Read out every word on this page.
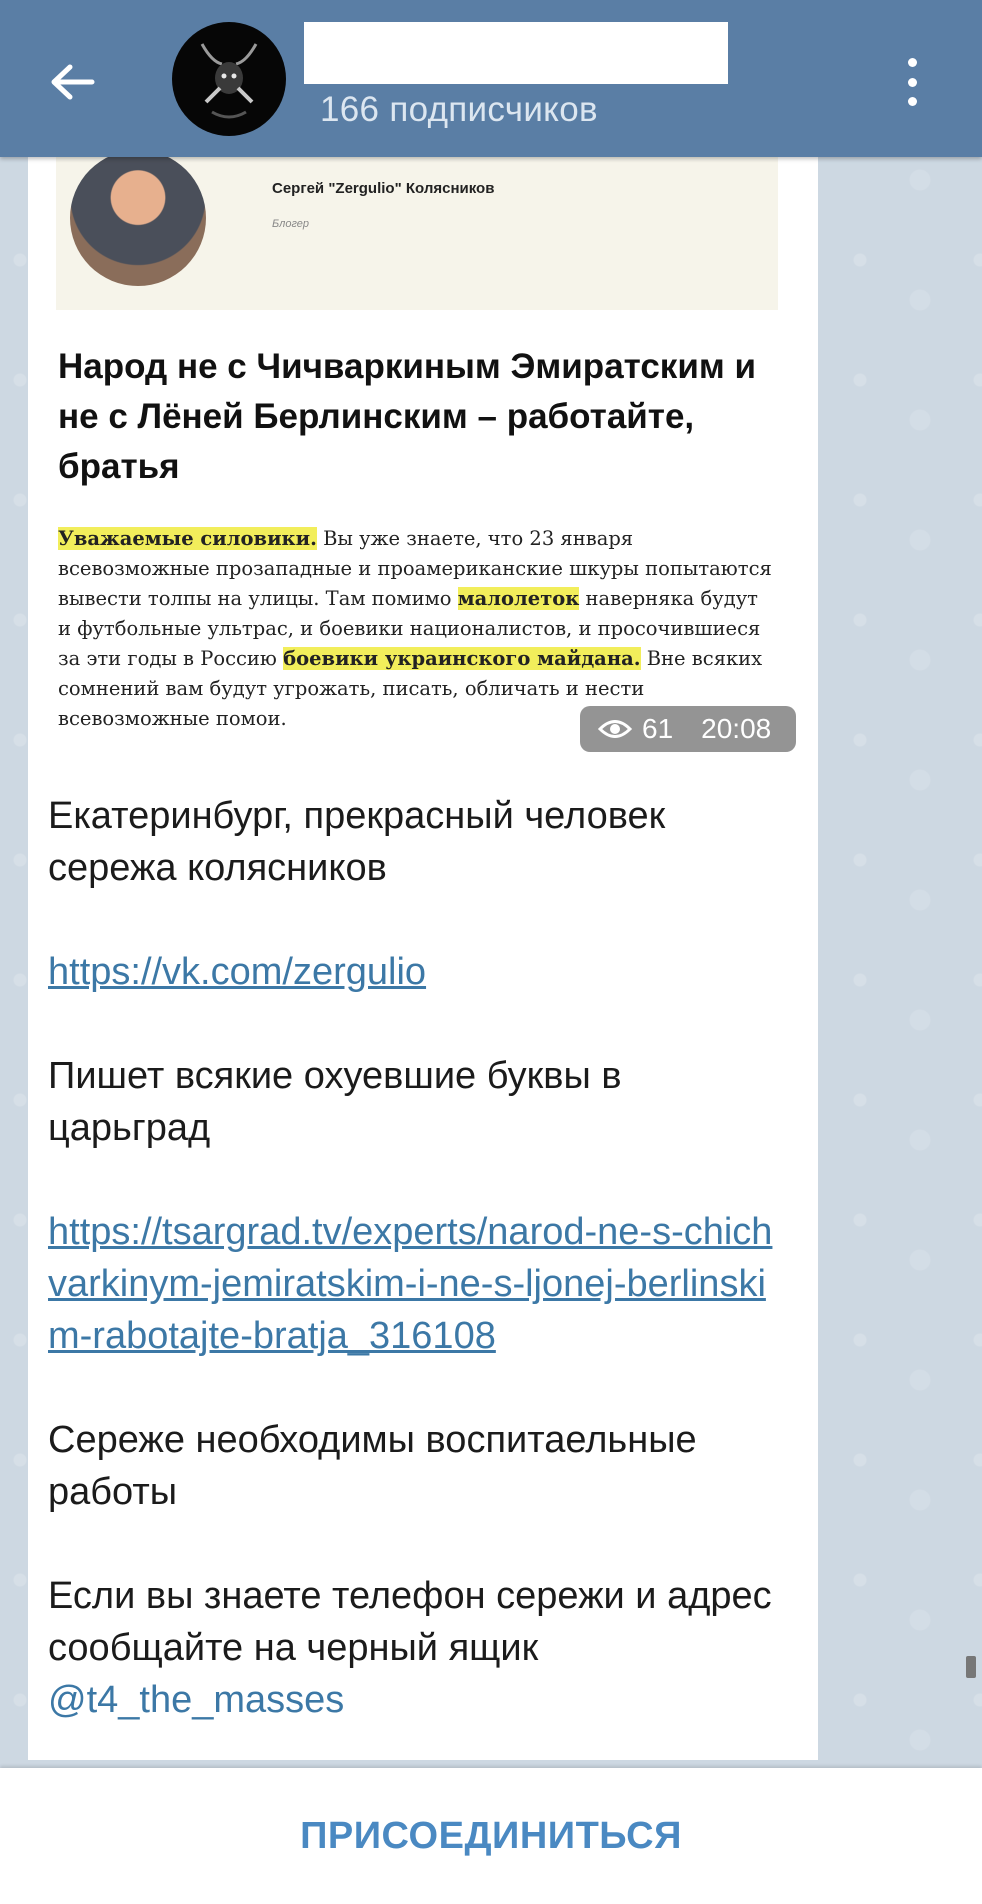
166 подписчиков
Сергей "Zergulio" Колясников
Блогер
Народ не с Чичваркиным Эмиратским и не с Лёней Берлинским – работайте, братья
Уважаемые силовики. Вы уже знаете, что 23 января всевозможные прозападные и проамериканские шкуры попытаются вывести толпы на улицы. Там помимо малолеток наверняка будут и футбольные ультрас, и боевики националистов, и просочившиеся за эти годы в Россию боевики украинского майдана. Вне всяких сомнений вам будут угрожать, писать, обличать и нести всевозможные помои.	61 20:08

Екатеринбург, прекрасный человек сережа колясников

https://vk.com/zergulio

Пишет всякие охуевшие буквы в царьград

https://tsargrad.tv/experts/narod-ne-s-chichvarkinym-jemiratskim-i-ne-s-ljonej-berlinskim-rabotajte-bratja_316108

Сереже необходимы воспитаельные работы

Если вы знаете телефон сережи и адрес сообщайте на черный ящик

@t4_the_masses

ПРИСОЕДИНИТЬСЯ
